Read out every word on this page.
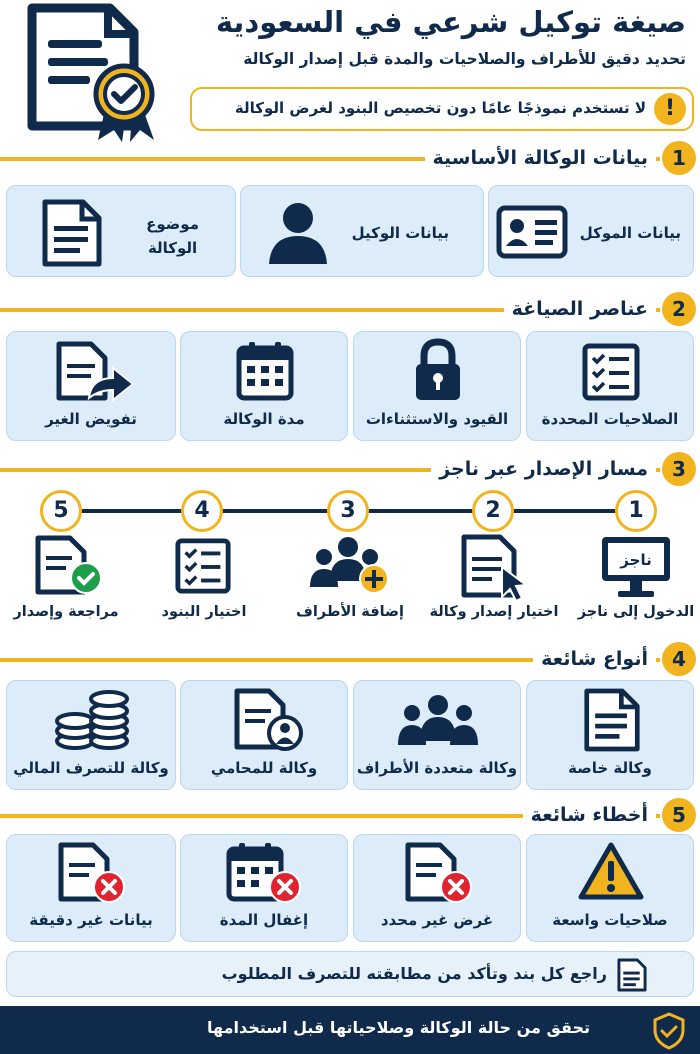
صيغة توكيل شرعي في السعودية
تحديد دقيق للأطراف والصلاحيات والمدة قبل إصدار الوكالة
!
لا تستخدم نموذجًا عامًا دون تخصيص البنود لغرض الوكالة
1
بيانات الوكالة الأساسية
بيانات الموكل
بيانات الوكيل
موضوع
الوكالة
2
عناصر الصياغة
الصلاحيات المحددة
القيود والاستثناءات
مدة الوكالة
تفويض الغير
3
مسار الإصدار عبر ناجز
1
ناجز
الدخول إلى ناجز
2
اختيار إصدار وكالة
3
إضافة الأطراف
4
اختيار البنود
5
مراجعة وإصدار
4
أنواع شائعة
وكالة خاصة
وكالة متعددة الأطراف
وكالة للمحامي
وكالة للتصرف المالي
5
أخطاء شائعة
صلاحيات واسعة
غرض غير محدد
إغفال المدة
بيانات غير دقيقة
راجع كل بند وتأكد من مطابقته للتصرف المطلوب
تحقق من حالة الوكالة وصلاحياتها قبل استخدامها
